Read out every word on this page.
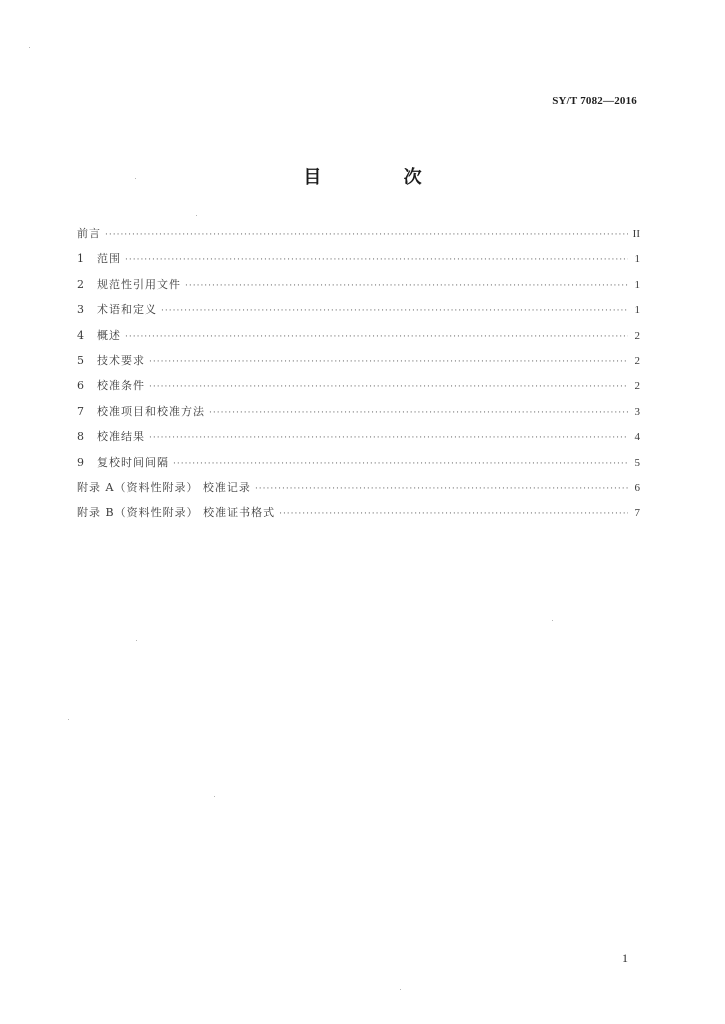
SY/T 7082—2016
目 次
前言 ·····	II
1	范围 ·····	1
2	规范性引用文件 ·····	1
3	术语和定义 ·····	1
4	概述 ·····	2
5	技术要求 ·····	2
6	校准条件 ·····	2
7	校准项目和校准方法 ·····	3
8	校准结果 ·····	4
9	复校时间间隔 ·····	5
附录 A（资料性附录） 校准记录 ·····	6
附录 B（资料性附录） 校准证书格式 ·····	7
1
